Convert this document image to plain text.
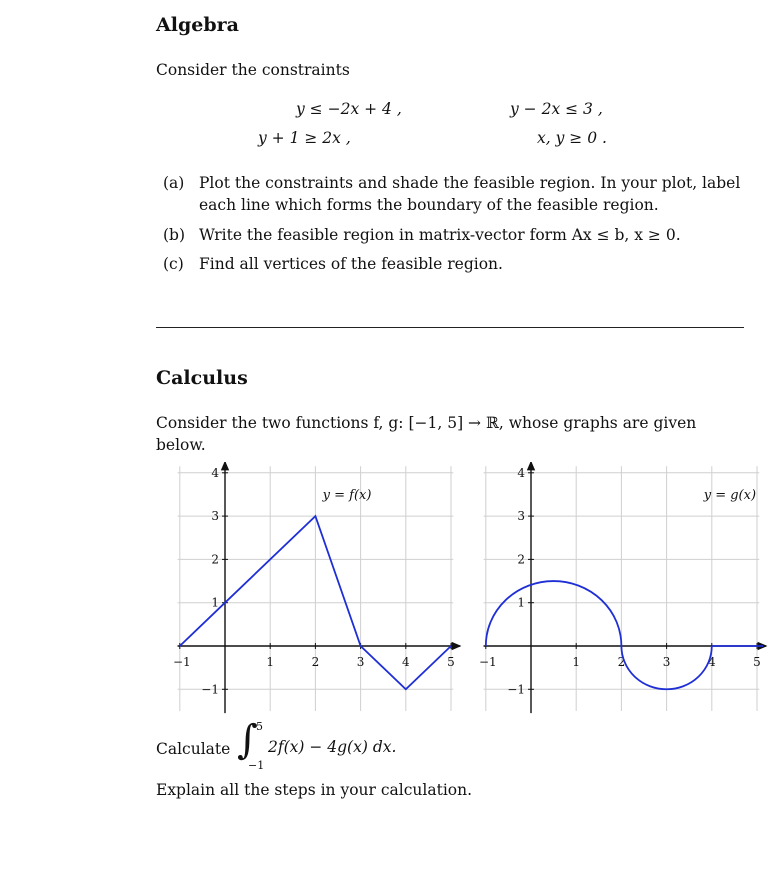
Algebra
Consider the constraints
y ≤ −2x + 4 ,	y − 2x ≤ 3 ,
y + 1 ≥ 2x ,	x, y ≥ 0 .
(a) Plot the constraints and shade the feasible region. In your plot, label each line which forms the boundary of the feasible region.
(b) Write the feasible region in matrix-vector form Ax ≤ b, x ≥ 0.
(c) Find all vertices of the feasible region.
Calculus
Consider the two functions f, g: [−1, 5] → ℝ, whose graphs are given below.
−1	1	2	3	4	5
4
3
2
1
−1
y = f(x)
−1	1	2	3	4	5
4
3
2
1
−1
y = g(x)
Calculate ∫
5
−1
2f(x) − 4g(x) dx.
Explain all the steps in your calculation.
